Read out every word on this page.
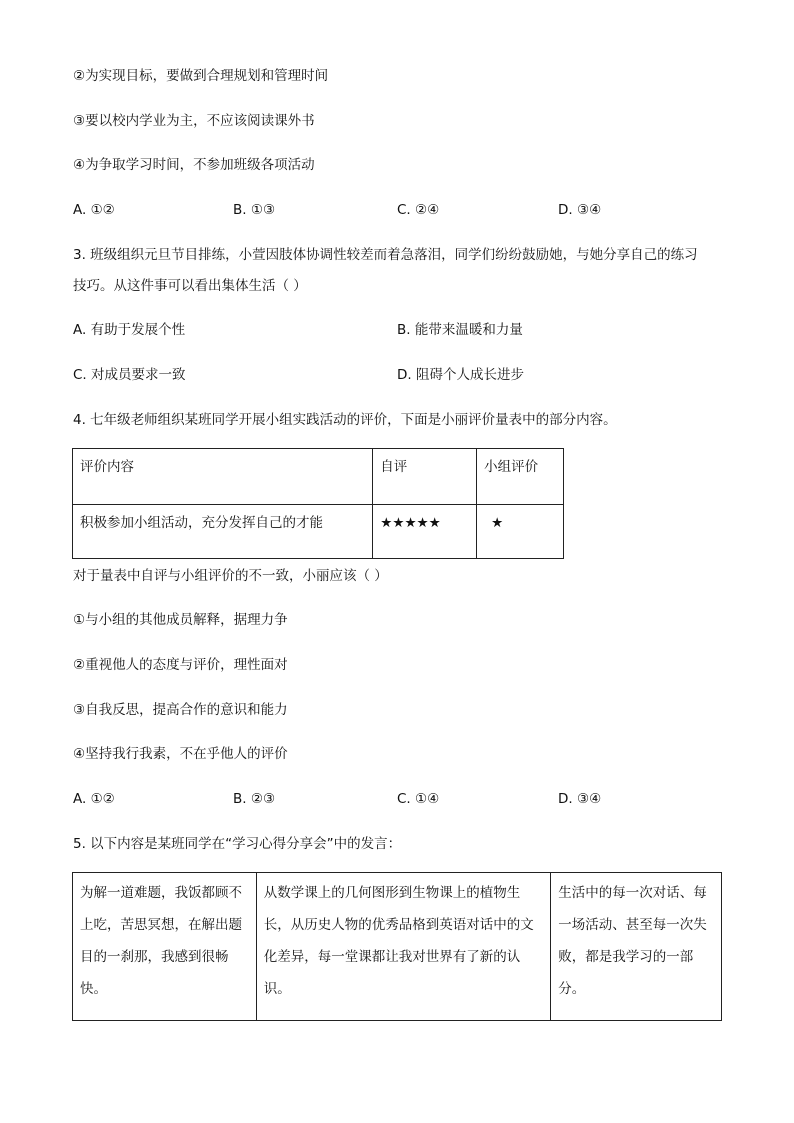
②为实现目标，要做到合理规划和管理时间
③要以校内学业为主，不应该阅读课外书
④为争取学习时间，不参加班级各项活动
A. ①②	B. ①③	C. ②④	D. ③④
3. 班级组织元旦节目排练，小萱因肢体协调性较差而着急落泪，同学们纷纷鼓励她，与她分享自己的练习
技巧。从这件事可以看出集体生活（ ）
A. 有助于发展个性	B. 能带来温暖和力量
C. 对成员要求一致	D. 阻碍个人成长进步
4. 七年级老师组织某班同学开展小组实践活动的评价，下面是小丽评价量表中的部分内容。
评价内容	自评	小组评价

积极参加小组活动，充分发挥自己的才能	★★★★★	★
对于量表中自评与小组评价的不一致，小丽应该（ ）
①与小组的其他成员解释，据理力争
②重视他人的态度与评价，理性面对
③自我反思，提高合作的意识和能力
④坚持我行我素，不在乎他人的评价
A. ①②	B. ②③	C. ①④	D. ③④
5. 以下内容是某班同学在“学习心得分享会”中的发言：
为解一道难题，我饭都顾不上吃，苦思冥想，在解出题目的一刹那，我感到很畅快。

从数学课上的几何图形到生物课上的植物生长，从历史人物的优秀品格到英语对话中的文化差异，每一堂课都让我对世界有了新的认识。

生活中的每一次对话、每一场活动、甚至每一次失败，都是我学习的一部分。
